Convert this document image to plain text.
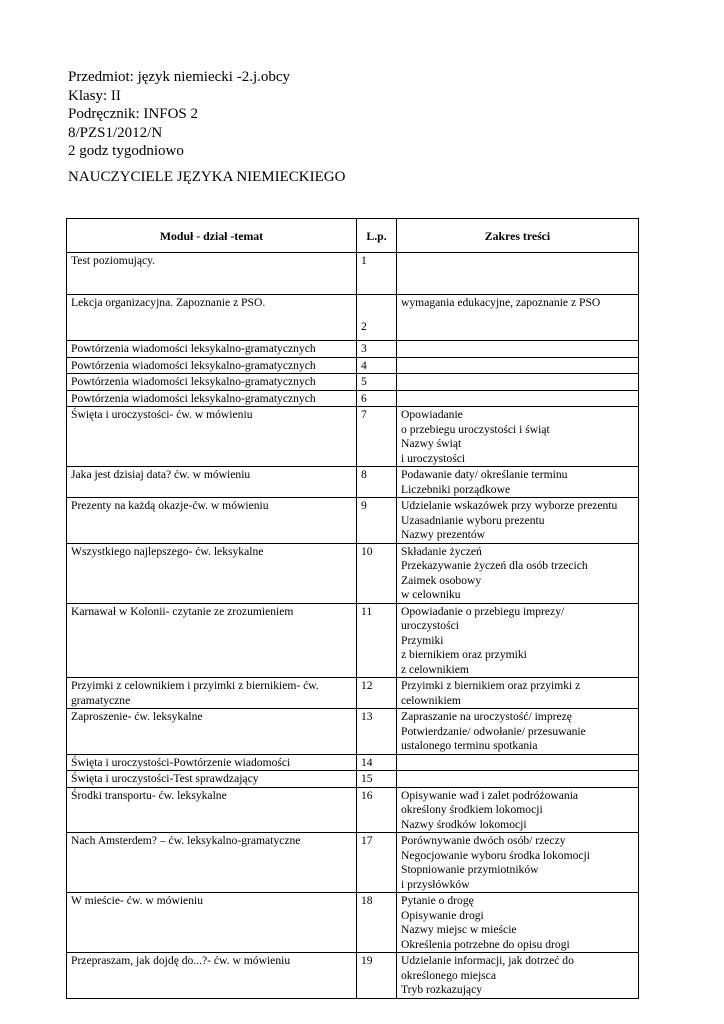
Przedmiot: język niemiecki -2.j.obcy
Klasy: II
Podręcznik: INFOS 2
8/PZS1/2012/N
2 godz tygodniowo
NAUCZYCIELE JĘZYKA NIEMIECKIEGO
Moduł - dział -temat	L.p.	Zakres treści
Test poziomujący.	1	
Lekcja organizacyjna. Zapoznanie z PSO.	2	wymagania edukacyjne, zapoznanie z PSO

Powtórzenia wiadomości leksykalno-gramatycznych	3	
Powtórzenia wiadomości leksykalno-gramatycznych	4	
Powtórzenia wiadomości leksykalno-gramatycznych	5	
Powtórzenia wiadomości leksykalno-gramatycznych	6	
Święta i uroczystości- ćw. w mówieniu	7	Opowiadanie
o przebiegu uroczystości i świąt
Nazwy świąt
i uroczystości

Jaka jest dzisiaj data? ćw. w mówieniu	8	Podawanie daty/ określanie terminu
Liczebniki porządkowe

Prezenty na każdą okazje-ćw. w mówieniu	9	Udzielanie wskazówek przy wyborze prezentu
Uzasadnianie wyboru prezentu
Nazwy prezentów

Wszystkiego najlepszego- ćw. leksykalne	10	Składanie życzeń
Przekazywanie życzeń dla osób trzecich
Zaimek osobowy
w celowniku

Karnawał w Kolonii- czytanie ze zrozumieniem	11	Opowiadanie o przebiegu imprezy/
uroczystości
Przymiki
z biernikiem oraz przymiki
z celownikiem

Przyimki z celownikiem i przyimki z biernikiem- ćw. gramatyczne	12	Przyimki z biernikiem oraz przyimki z
celownikiem

Zaproszenie- ćw. leksykalne	13	Zapraszanie na uroczystość/ imprezę
Potwierdzanie/ odwołanie/ przesuwanie
ustalonego terminu spotkania

Święta i uroczystości-Powtórzenie wiadomości	14	
Święta i uroczystości-Test sprawdzający	15	
Środki transportu- ćw. leksykalne	16	Opisywanie wad i zalet podróżowania
określony środkiem lokomocji
Nazwy środków lokomocji

Nach Amsterdem? – ćw. leksykalno-gramatyczne	17	Porównywanie dwóch osób/ rzeczy
Negocjowanie wyboru środka lokomocji
Stopniowanie przymiotników
i przysłówków

W mieście- ćw. w mówieniu	18	Pytanie o drogę
Opisywanie drogi
Nazwy miejsc w mieście
Określenia potrzebne do opisu drogi

Przepraszam, jak dojdę do...?- ćw. w mówieniu	19	Udzielanie informacji, jak dotrzeć do
określonego miejsca
Tryb rozkazujący
